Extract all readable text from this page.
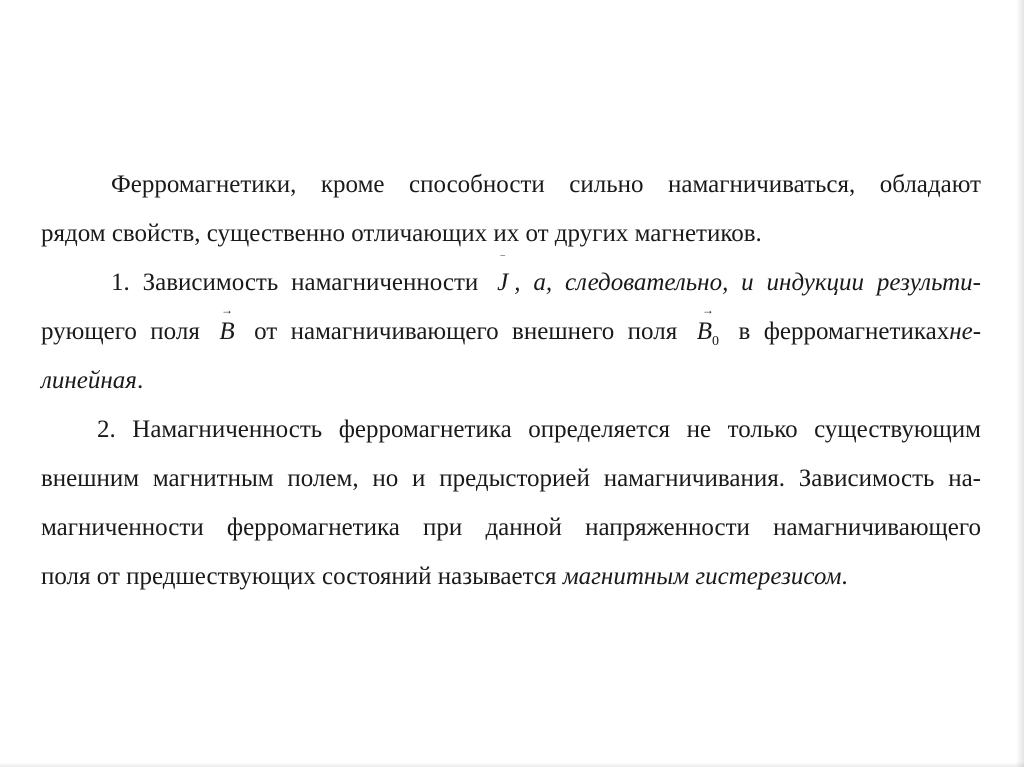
Ферромагнетики, кроме способности сильно намагничиваться, обладают
рядом свойств, существенно отличающих их от других магнетиков.
1. Зависимость намагниченности
‾
J , а, следовательно, и индукции результи-
рующего поля
→
B от намагничивающего внешнего поля
→
$B_0$ в ферромагнетикахне-
линейная.
2. Намагниченность ферромагнетика определяется не только существующим
внешним магнитным полем, но и предысторией намагничивания. Зависимость на-
магниченности ферромагнетика при данной напряженности намагничивающего
поля от предшествующих состояний называется магнитным гистерезисом.
